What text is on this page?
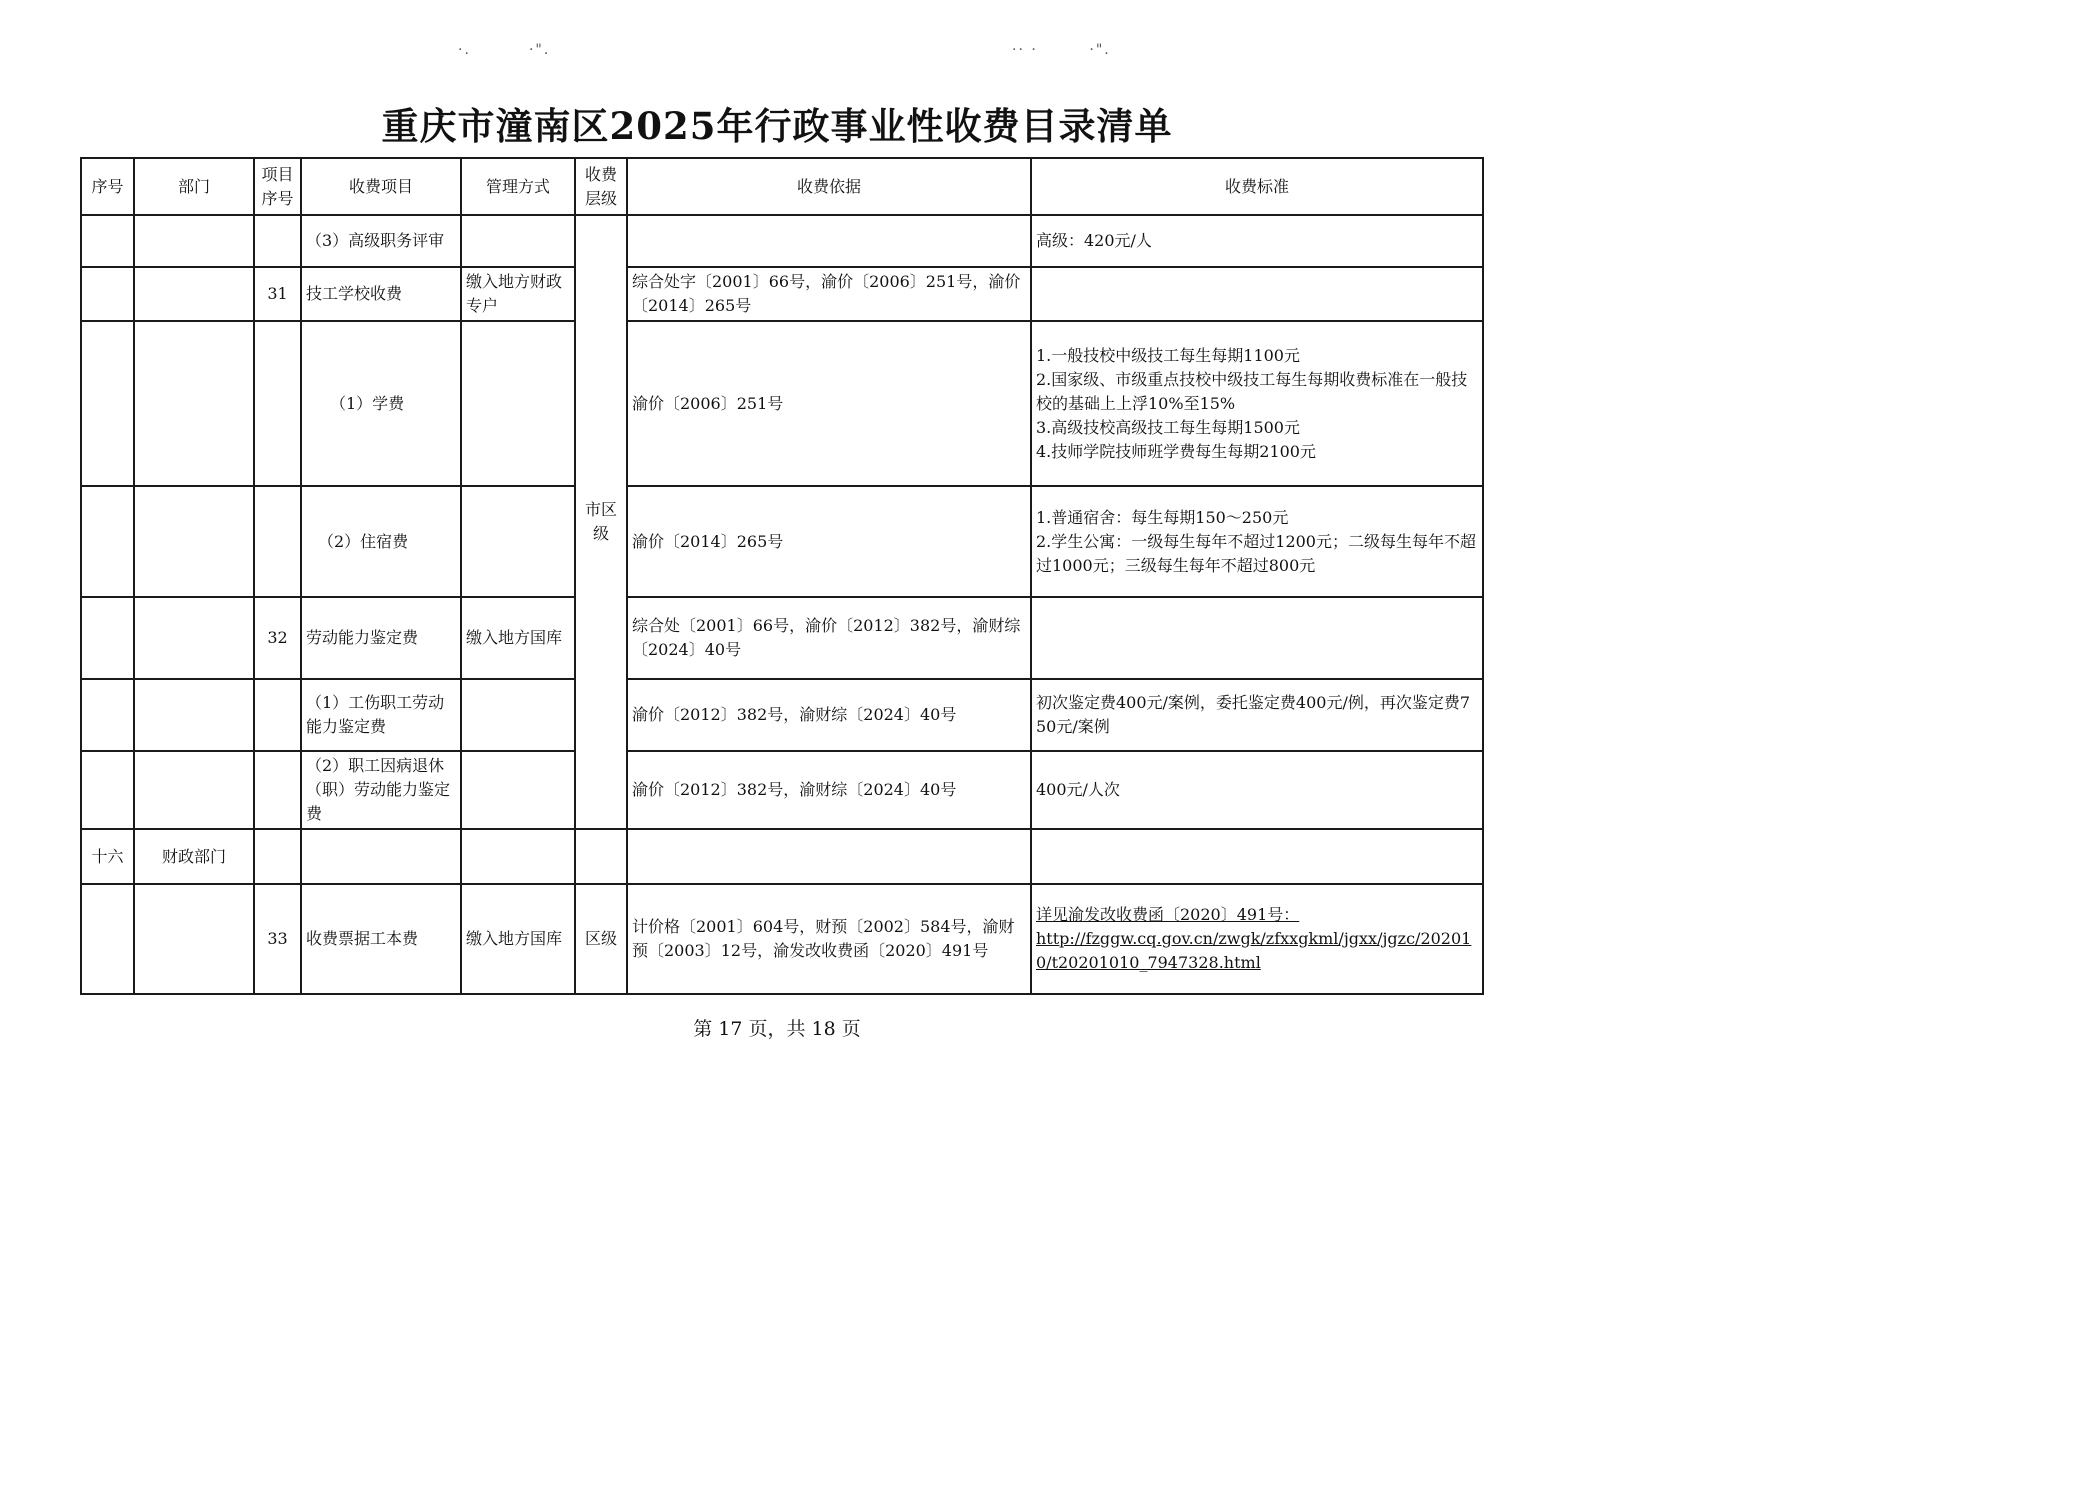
·.         ·".	·· ·        ·".
重庆市潼南区2025年行政事业性收费目录清单
序号	部门	项目序号	收费项目	管理方式	收费层级	收费依据	收费标准
			（3）高级职务评审		市区级		高级：420元/人

		31	技工学校收费	缴入地方财政专户		综合处字〔2001〕66号，渝价〔2006〕251号，渝价〔2014〕265号	
			（1）学费			渝价〔2006〕251号	1.一般技校中级技工每生每期1100元
2.国家级、市级重点技校中级技工每生每期收费标准在一般技校的基础上上浮10%至15%
3.高级技校高级技工每生每期1500元
4.技师学院技师班学费每生每期2100元

			（2）住宿费			渝价〔2014〕265号	1.普通宿舍：每生每期150～250元
2.学生公寓：一级每生每年不超过1200元；二级每生每年不超过1000元；三级每生每年不超过800元

		32	劳动能力鉴定费	缴入地方国库		综合处〔2001〕66号，渝价〔2012〕382号，渝财综〔2024〕40号	
			（1）工伤职工劳动能力鉴定费			渝价〔2012〕382号，渝财综〔2024〕40号	初次鉴定费400元/案例，委托鉴定费400元/例，再次鉴定费750元/案例

			（2）职工因病退休（职）劳动能力鉴定费			渝价〔2012〕382号，渝财综〔2024〕40号	400元/人次

十六	财政部门						
		33	收费票据工本费	缴入地方国库	区级	计价格〔2001〕604号，财预〔2002〕584号，渝财预〔2003〕12号，渝发改收费函〔2020〕491号	详见渝发改收费函〔2020〕491号：
http://fzggw.cq.gov.cn/zwgk/zfxxgkml/jgxx/jgzc/202010/t20201010_7947328.html
第 17 页，共 18 页
